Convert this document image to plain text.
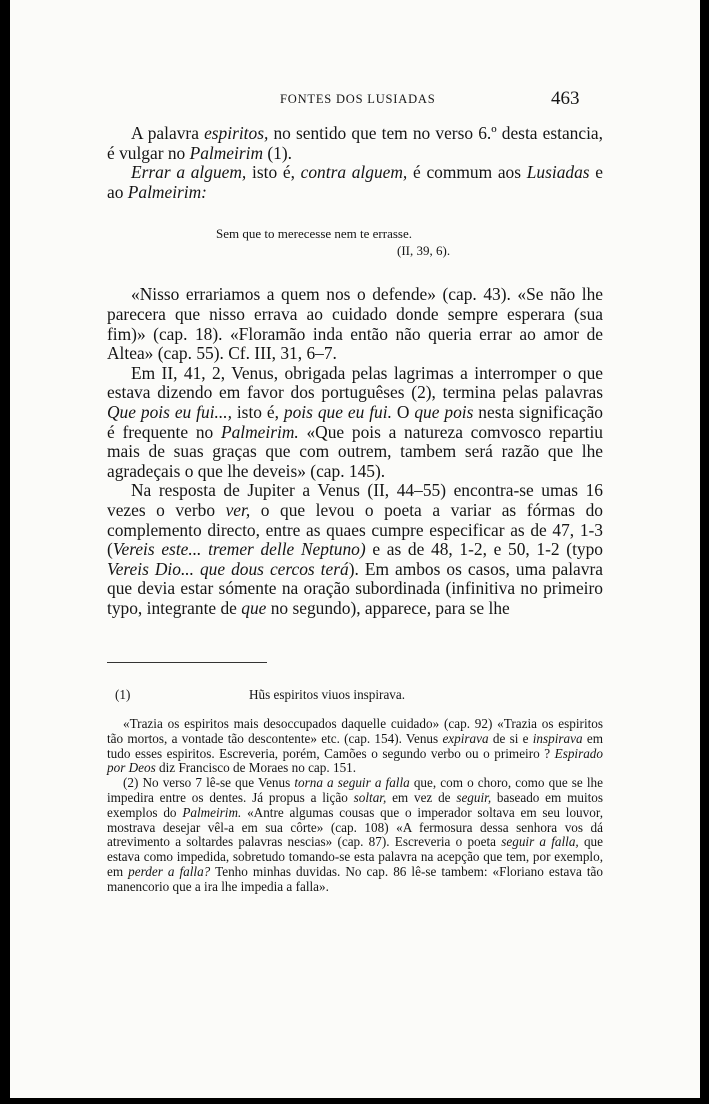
FONTES DOS LUSIADAS	463

A palavra espiritos, no sentido que tem no verso 6.º desta estancia, é vulgar no Palmeirim (1).

Errar a alguem, isto é, contra alguem, é commum aos Lusiadas e ao Palmeirim:

Sem que to merecesse nem te errasse.
(II, 39, 6).

«Nisso errariamos a quem nos o defende» (cap. 43). «Se não lhe parecera que nisso errava ao cuidado donde sempre esperara (sua fim)» (cap. 18). «Floramão inda então não queria errar ao amor de Altea» (cap. 55). Cf. III, 31, 6–7.

Em II, 41, 2, Venus, obrigada pelas lagrimas a interromper o que estava dizendo em favor dos portuguêses (2), termina pelas palavras Que pois eu fui..., isto é, pois que eu fui. O que pois nesta significação é frequente no Palmeirim. «Que pois a natureza comvosco repartiu mais de suas graças que com outrem, tambem será razão que lhe agradeçais o que lhe deveis» (cap. 145).

Na resposta de Jupiter a Venus (II, 44–55) encontra-se umas 16 vezes o verbo ver, o que levou o poeta a variar as fórmas do complemento directo, entre as quaes cumpre especificar as de 47, 1-3 (Vereis este... tremer delle Neptuno) e as de 48, 1-2, e 50, 1-2 (typo Vereis Dio... que dous cercos terá). Em ambos os casos, uma palavra que devia estar sómente na oração subordinada (infinitiva no primeiro typo, integrante de que no segundo), apparece, para se lhe

(1)	Hũs espiritos viuos inspirava.

«Trazia os espiritos mais desoccupados daquelle cuidado» (cap. 92) «Trazia os espiritos tão mortos, a vontade tão descontente» etc. (cap. 154). Venus expirava de si e inspirava em tudo esses espiritos. Escreveria, porém, Camões o segundo verbo ou o primeiro ? Espirado por Deos diz Francisco de Moraes no cap. 151.

(2) No verso 7 lê-se que Venus torna a seguir a falla que, com o choro, como que se lhe impedira entre os dentes. Já propus a lição soltar, em vez de seguir, baseado em muitos exemplos do Palmeirim. «Antre algumas cousas que o imperador soltava em seu louvor, mostrava desejar vêl-a em sua côrte» (cap. 108) «A fermosura dessa senhora vos dá atrevimento a soltardes palavras nescias» (cap. 87). Escreveria o poeta seguir a falla, que estava como impedida, sobretudo tomando-se esta palavra na acepção que tem, por exemplo, em perder a falla? Tenho minhas duvidas. No cap. 86 lê-se tambem: «Floriano estava tão manencorio que a ira lhe impedia a falla».
